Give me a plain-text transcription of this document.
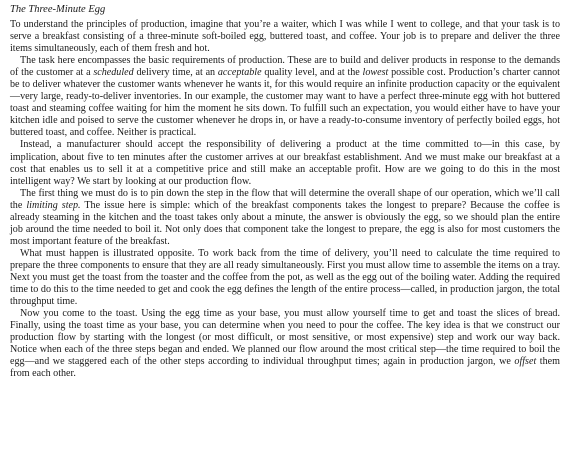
The Three-Minute Egg

To understand the principles of production, imagine that you’re a waiter, which I was while I went to college, and that your task is to serve a breakfast consisting of a three-minute soft-boiled egg, buttered toast, and coffee. Your job is to prepare and deliver the three items simultaneously, each of them fresh and hot.

The task here encompasses the basic requirements of production. These are to build and deliver products in response to the demands of the customer at a scheduled delivery time, at an acceptable quality level, and at the lowest possible cost. Production’s charter cannot be to deliver whatever the customer wants whenever he wants it, for this would require an infinite production capacity or the equivalent—very large, ready-to-deliver inventories. In our example, the customer may want to have a perfect three-minute egg with hot buttered toast and steaming coffee waiting for him the moment he sits down. To fulfill such an expectation, you would either have to have your kitchen idle and poised to serve the customer whenever he drops in, or have a ready-to-consume inventory of perfectly boiled eggs, hot buttered toast, and coffee. Neither is practical.

Instead, a manufacturer should accept the responsibility of delivering a product at the time committed to—in this case, by implication, about five to ten minutes after the customer arrives at our breakfast establishment. And we must make our breakfast at a cost that enables us to sell it at a competitive price and still make an acceptable profit. How are we going to do this in the most intelligent way? We start by looking at our production flow.

The first thing we must do is to pin down the step in the flow that will determine the overall shape of our operation, which we’ll call the limiting step. The issue here is simple: which of the breakfast components takes the longest to prepare? Because the coffee is already steaming in the kitchen and the toast takes only about a minute, the answer is obviously the egg, so we should plan the entire job around the time needed to boil it. Not only does that component take the longest to prepare, the egg is also for most customers the most important feature of the breakfast.

What must happen is illustrated opposite. To work back from the time of delivery, you’ll need to calculate the time required to prepare the three components to ensure that they are all ready simultaneously. First you must allow time to assemble the items on a tray. Next you must get the toast from the toaster and the coffee from the pot, as well as the egg out of the boiling water. Adding the required time to do this to the time needed to get and cook the egg defines the length of the entire process—called, in production jargon, the total throughput time.

Now you come to the toast. Using the egg time as your base, you must allow yourself time to get and toast the slices of bread. Finally, using the toast time as your base, you can determine when you need to pour the coffee. The key idea is that we construct our production flow by starting with the longest (or most difficult, or most sensitive, or most expensive) step and work our way back. Notice when each of the three steps began and ended. We planned our flow around the most critical step—the time required to boil the egg—and we staggered each of the other steps according to individual throughput times; again in production jargon, we offset them from each other.
